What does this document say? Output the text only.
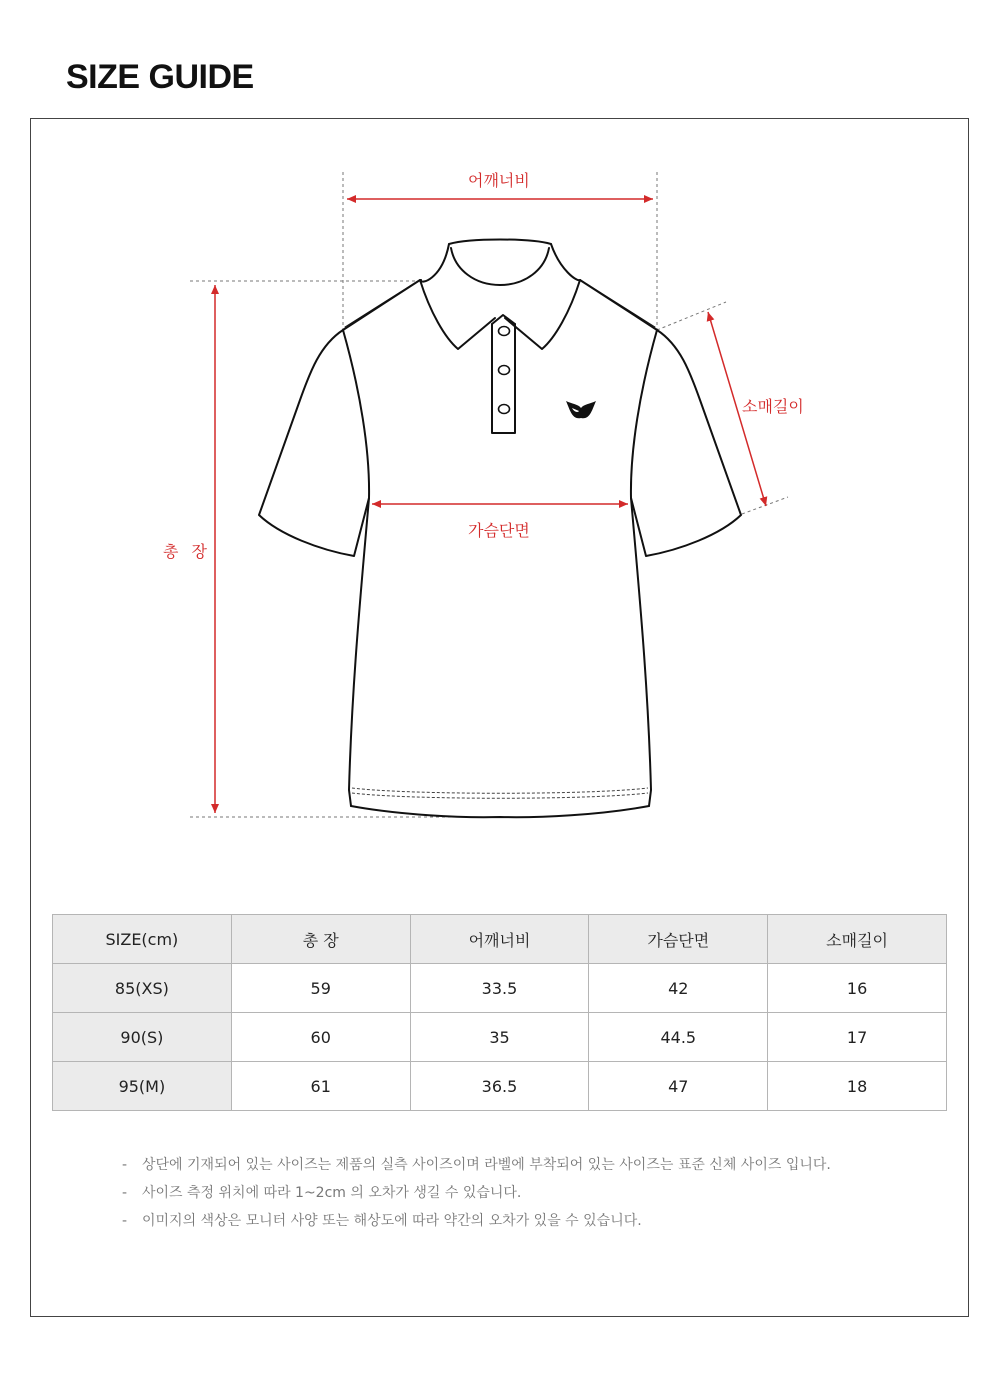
SIZE GUIDE
어깨너비
소매길이
가슴단면
총 장
SIZE(cm)	총 장	어깨너비	가슴단면	소매길이
85(XS)	59	33.5	42	16
90(S)	60	35	44.5	17
95(M)	61	36.5	47	18
- 상단에 기재되어 있는 사이즈는 제품의 실측 사이즈이며 라벨에 부착되어 있는 사이즈는 표준 신체 사이즈 입니다.
- 사이즈 측정 위치에 따라 1~2cm 의 오차가 생길 수 있습니다.
- 이미지의 색상은 모니터 사양 또는 해상도에 따라 약간의 오차가 있을 수 있습니다.
